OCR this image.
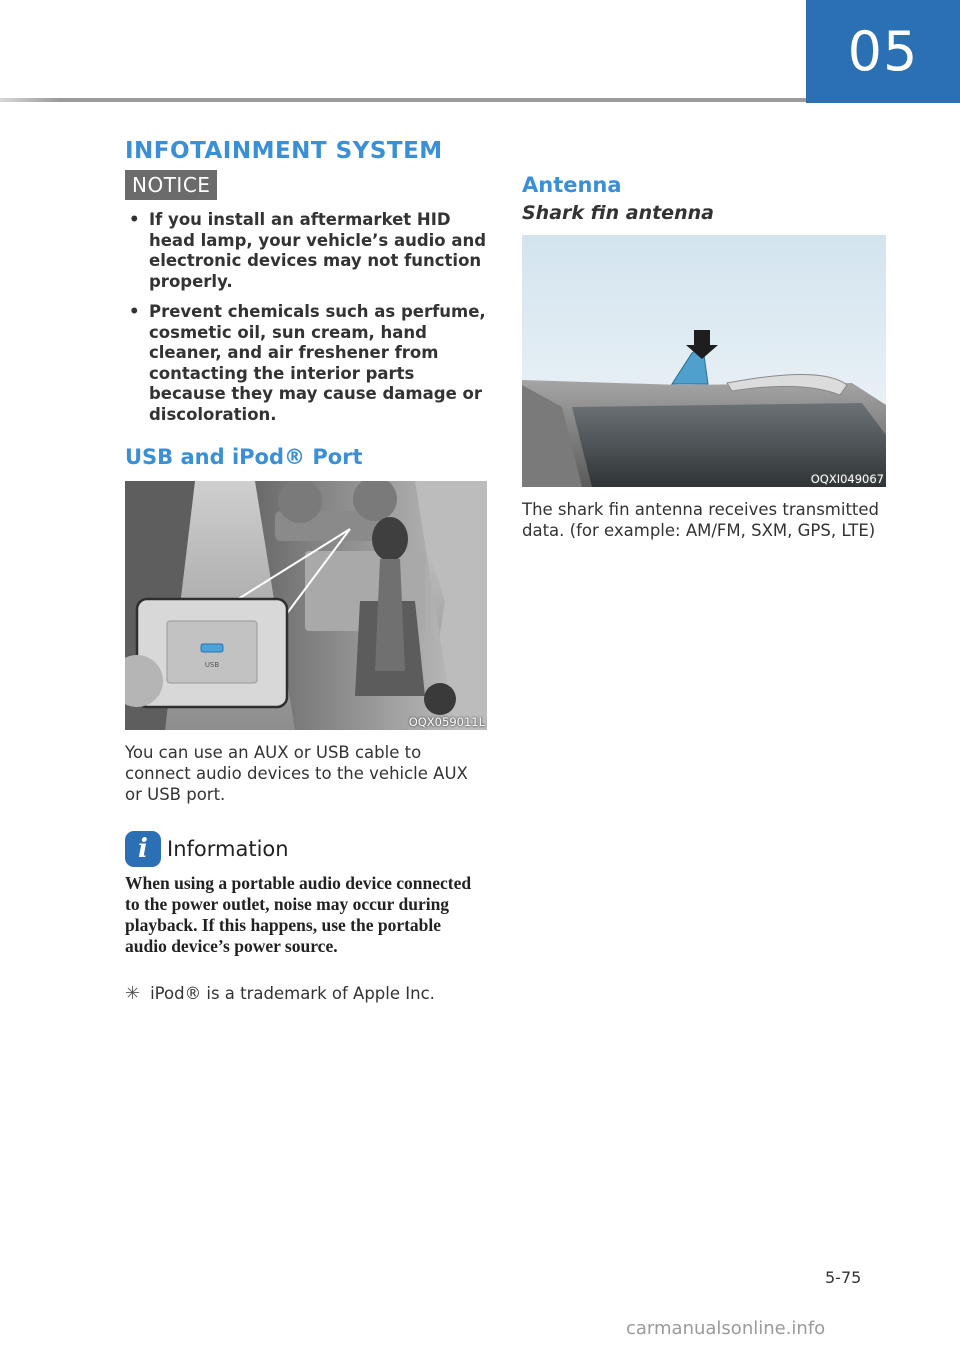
05
INFOTAINMENT SYSTEM
NOTICE
• If you install an aftermarket HID head lamp, your vehicle’s audio and electronic devices may not function properly.
• Prevent chemicals such as perfume, cosmetic oil, sun cream, hand cleaner, and air freshener from contacting the interior parts because they may cause damage or discoloration.
USB and iPod® Port
USB
OQX059011L

You can use an AUX or USB cable to connect audio devices to the vehicle AUX or USB port.

i Information

When using a portable audio device connected to the power outlet, noise may occur during playback. If this happens, use the portable audio device’s power source.

✳ iPod® is a trademark of Apple Inc.

Antenna
Shark fin antenna
OQXI049067

The shark fin antenna receives transmitted data. (for example: AM/FM, SXM, GPS, LTE)

5-75
carmanualsonline.info
